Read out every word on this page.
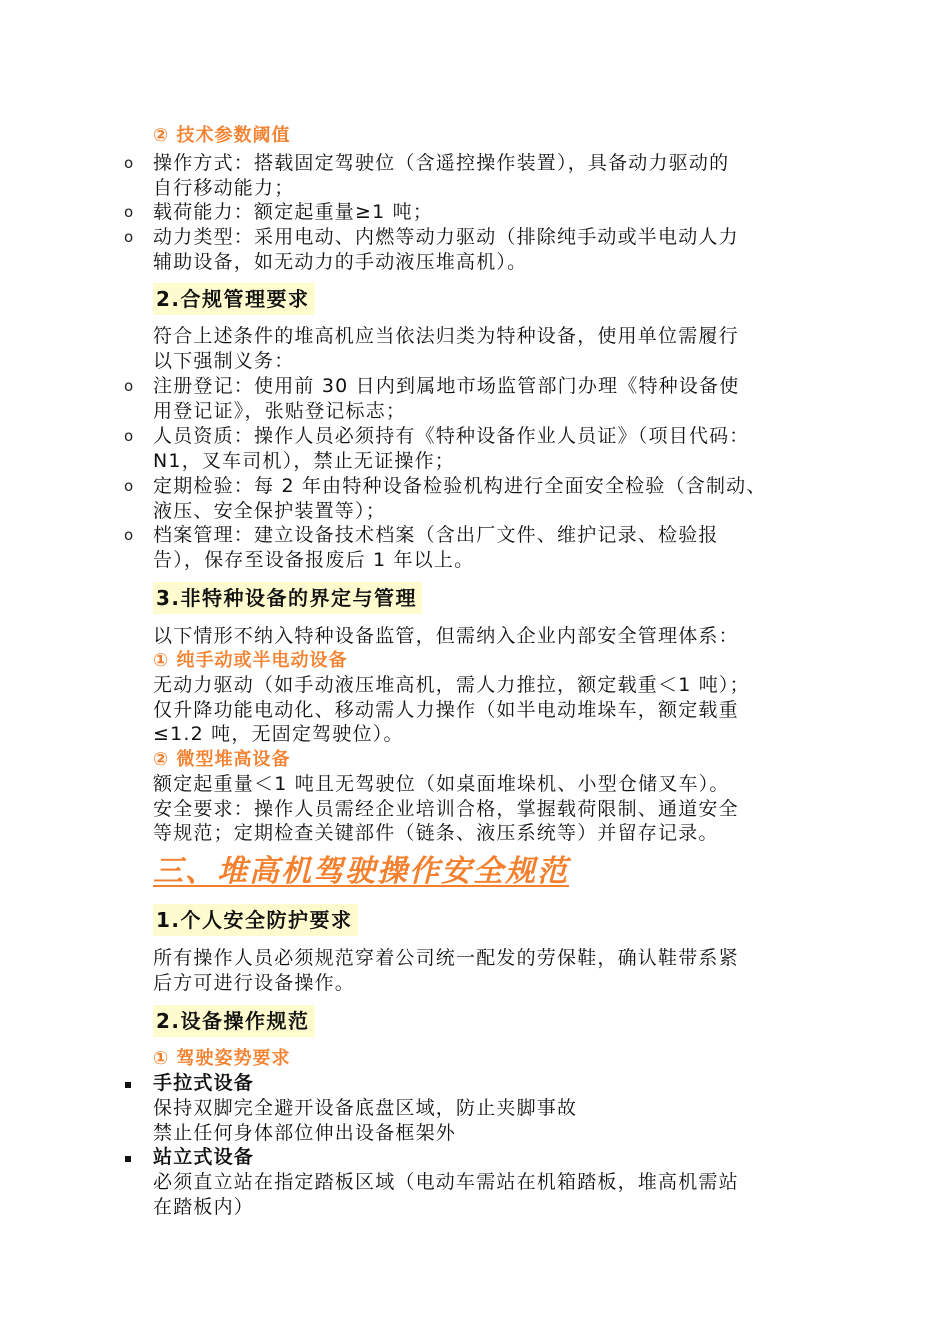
② 技术参数阈值
o 操作方式：搭载固定驾驶位（含遥控操作装置），具备动力驱动的
自行移动能力；
o 载荷能力：额定起重量≥1 吨；
o 动力类型：采用电动、内燃等动力驱动（排除纯手动或半电动人力
辅助设备，如无动力的手动液压堆高机）。
2.合规管理要求
符合上述条件的堆高机应当依法归类为特种设备，使用单位需履行
以下强制义务：
o 注册登记：使用前 30 日内到属地市场监管部门办理《特种设备使
用登记证》，张贴登记标志；
o 人员资质：操作人员必须持有《特种设备作业人员证》（项目代码：
N1，叉车司机），禁止无证操作；
o 定期检验：每 2 年由特种设备检验机构进行全面安全检验（含制动、
液压、安全保护装置等）；
o 档案管理：建立设备技术档案（含出厂文件、维护记录、检验报
告），保存至设备报废后 1 年以上。
3.非特种设备的界定与管理
以下情形不纳入特种设备监管，但需纳入企业内部安全管理体系：
① 纯手动或半电动设备
无动力驱动（如手动液压堆高机，需人力推拉，额定载重＜1 吨）；
仅升降功能电动化、移动需人力操作（如半电动堆垛车，额定载重
≤1.2 吨，无固定驾驶位）。
② 微型堆高设备
额定起重量＜1 吨且无驾驶位（如桌面堆垛机、小型仓储叉车）。
安全要求：操作人员需经企业培训合格，掌握载荷限制、通道安全
等规范；定期检查关键部件（链条、液压系统等）并留存记录。
三、堆高机驾驶操作安全规范
1.个人安全防护要求
所有操作人员必须规范穿着公司统一配发的劳保鞋，确认鞋带系紧
后方可进行设备操作。
2.设备操作规范
① 驾驶姿势要求
手拉式设备
保持双脚完全避开设备底盘区域，防止夹脚事故
禁止任何身体部位伸出设备框架外
站立式设备
必须直立站在指定踏板区域（电动车需站在机箱踏板，堆高机需站
在踏板内）
